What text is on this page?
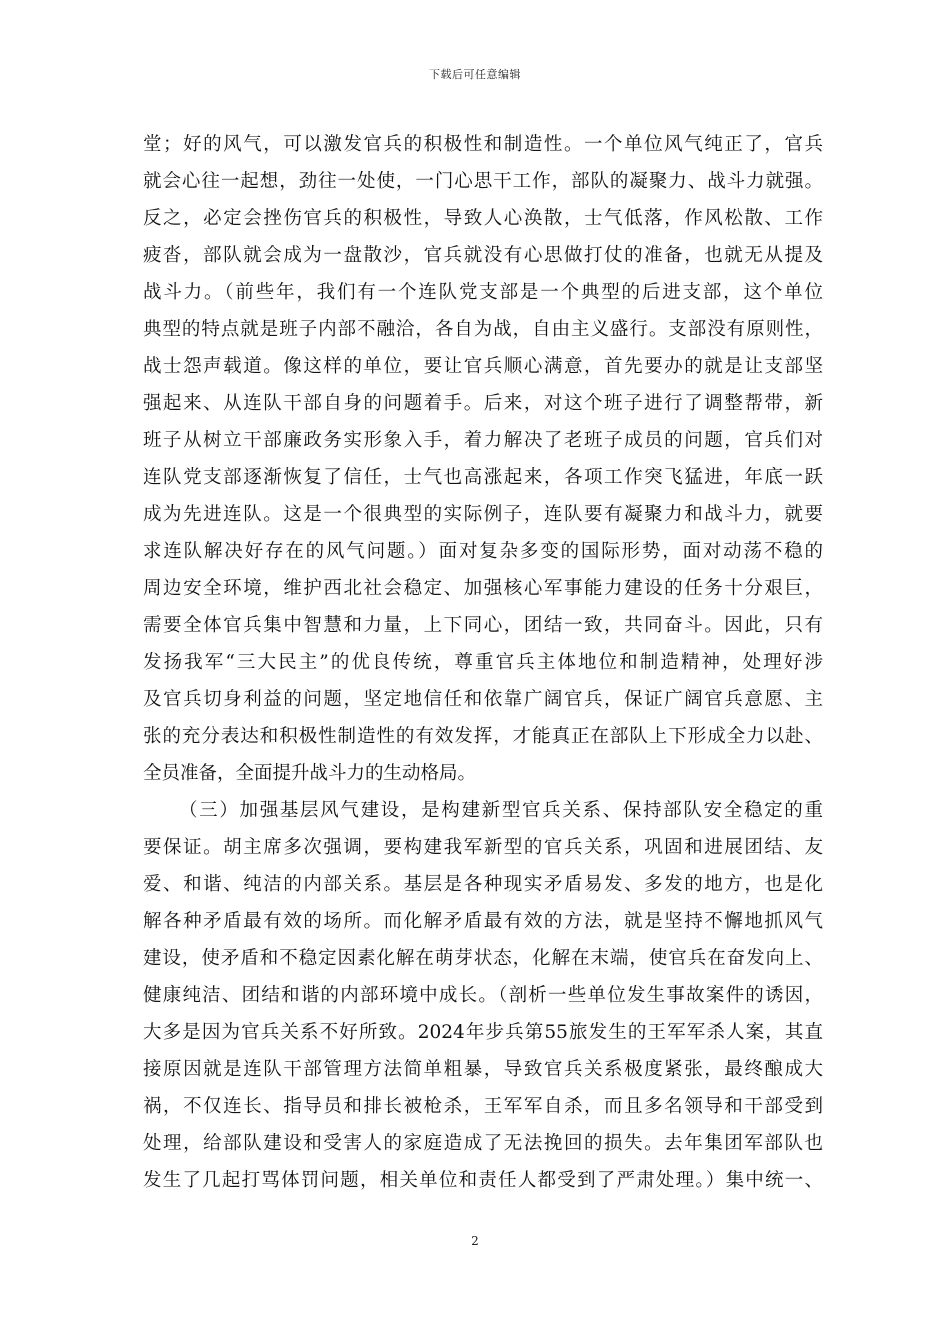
下载后可任意编辑
堂；好的风气，可以激发官兵的积极性和制造性。一个单位风气纯正了，官兵
就会心往一起想，劲往一处使，一门心思干工作，部队的凝聚力、战斗力就强。
反之，必定会挫伤官兵的积极性，导致人心涣散，士气低落，作风松散、工作
疲沓，部队就会成为一盘散沙，官兵就没有心思做打仗的准备，也就无从提及
战斗力。（前些年，我们有一个连队党支部是一个典型的后进支部，这个单位
典型的特点就是班子内部不融洽，各自为战，自由主义盛行。支部没有原则性，
战士怨声载道。像这样的单位，要让官兵顺心满意，首先要办的就是让支部坚
强起来、从连队干部自身的问题着手。后来，对这个班子进行了调整帮带，新
班子从树立干部廉政务实形象入手，着力解决了老班子成员的问题，官兵们对
连队党支部逐渐恢复了信任，士气也高涨起来，各项工作突飞猛进，年底一跃
成为先进连队。这是一个很典型的实际例子，连队要有凝聚力和战斗力，就要
求连队解决好存在的风气问题。）面对复杂多变的国际形势，面对动荡不稳的
周边安全环境，维护西北社会稳定、加强核心军事能力建设的任务十分艰巨，
需要全体官兵集中智慧和力量，上下同心，团结一致，共同奋斗。因此，只有
发扬我军“三大民主”的优良传统，尊重官兵主体地位和制造精神，处理好涉
及官兵切身利益的问题，坚定地信任和依靠广阔官兵，保证广阔官兵意愿、主
张的充分表达和积极性制造性的有效发挥，才能真正在部队上下形成全力以赴、
全员准备，全面提升战斗力的生动格局。
（三）加强基层风气建设，是构建新型官兵关系、保持部队安全稳定的重
要保证。胡主席多次强调，要构建我军新型的官兵关系，巩固和进展团结、友
爱、和谐、纯洁的内部关系。基层是各种现实矛盾易发、多发的地方，也是化
解各种矛盾最有效的场所。而化解矛盾最有效的方法，就是坚持不懈地抓风气
建设，使矛盾和不稳定因素化解在萌芽状态，化解在末端，使官兵在奋发向上、
健康纯洁、团结和谐的内部环境中成长。（剖析一些单位发生事故案件的诱因，
大多是因为官兵关系不好所致。2024年步兵第55旅发生的王军军杀人案，其直
接原因就是连队干部管理方法简单粗暴，导致官兵关系极度紧张，最终酿成大
祸，不仅连长、指导员和排长被枪杀，王军军自杀，而且多名领导和干部受到
处理，给部队建设和受害人的家庭造成了无法挽回的损失。去年集团军部队也
发生了几起打骂体罚问题，相关单位和责任人都受到了严肃处理。）集中统一、
2
